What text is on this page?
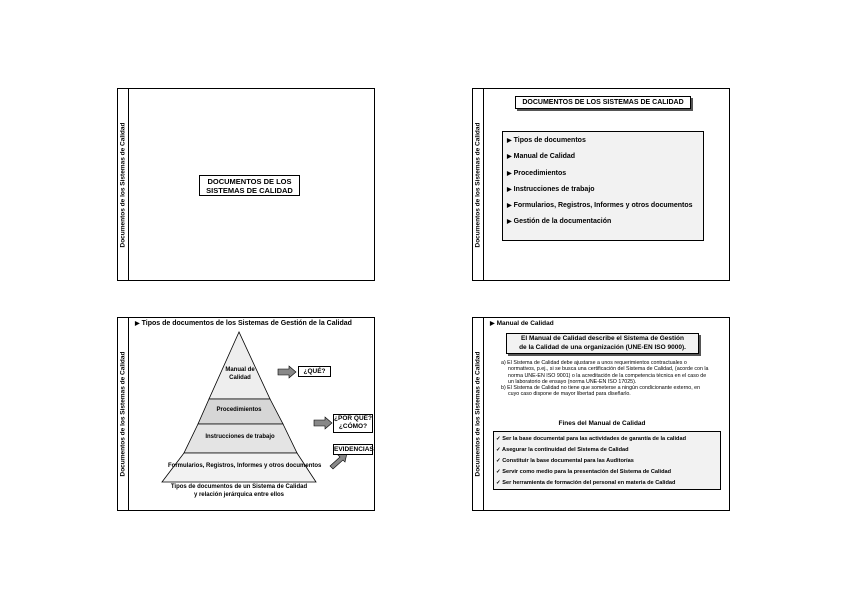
Documentos de los Sistemas de Calidad	DOCUMENTOS DE LOS
SISTEMAS DE CALIDAD	Documentos de los Sistemas de Calidad
DOCUMENTOS DE LOS SISTEMAS DE CALIDAD
▶ Tipos de documentos
▶ Manual de Calidad
▶ Procedimientos
▶ Instrucciones de trabajo
▶ Formularios, Registros, Informes y otros documentos
▶ Gestión de la documentación
Documentos de los Sistemas de Calidad
▶ Tipos de documentos de los Sistemas de Gestión de la Calidad
Manual de Calidad
Procedimientos
Instrucciones de trabajo
Formularios, Registros, Informes y otros documentos
¿QUÉ?
¿POR QUÉ?
¿CÓMO?
EVIDENCIAS
Tipos de documentos de un Sistema de Calidad
y relación jerárquica entre ellos
Documentos de los Sistemas de Calidad
▶ Manual de Calidad
El Manual de Calidad describe el Sistema de Gestión
de la Calidad de una organización (UNE-EN ISO 9000).
a) El Sistema de Calidad debe ajustarse a unos requerimientos contractuales o normativos, p.ej., si se busca una certificación del Sistema de Calidad, (acorde con la norma UNE-EN ISO 9001) o la acreditación de la competencia técnica en el caso de un laboratorio de ensayo (norma UNE-EN ISO 17025).
b) El Sistema de Calidad no tiene que someterse a ningún condicionante externo, en cuyo caso dispone de mayor libertad para diseñarlo.
Fines del Manual de Calidad
✓ Ser la base documental para las actividades de garantía de la calidad
✓ Asegurar la continuidad del Sistema de Calidad
✓ Constituir la base documental para las Auditorías
✓ Servir como medio para la presentación del Sistema de Calidad
✓ Ser herramienta de formación del personal en materia de Calidad
